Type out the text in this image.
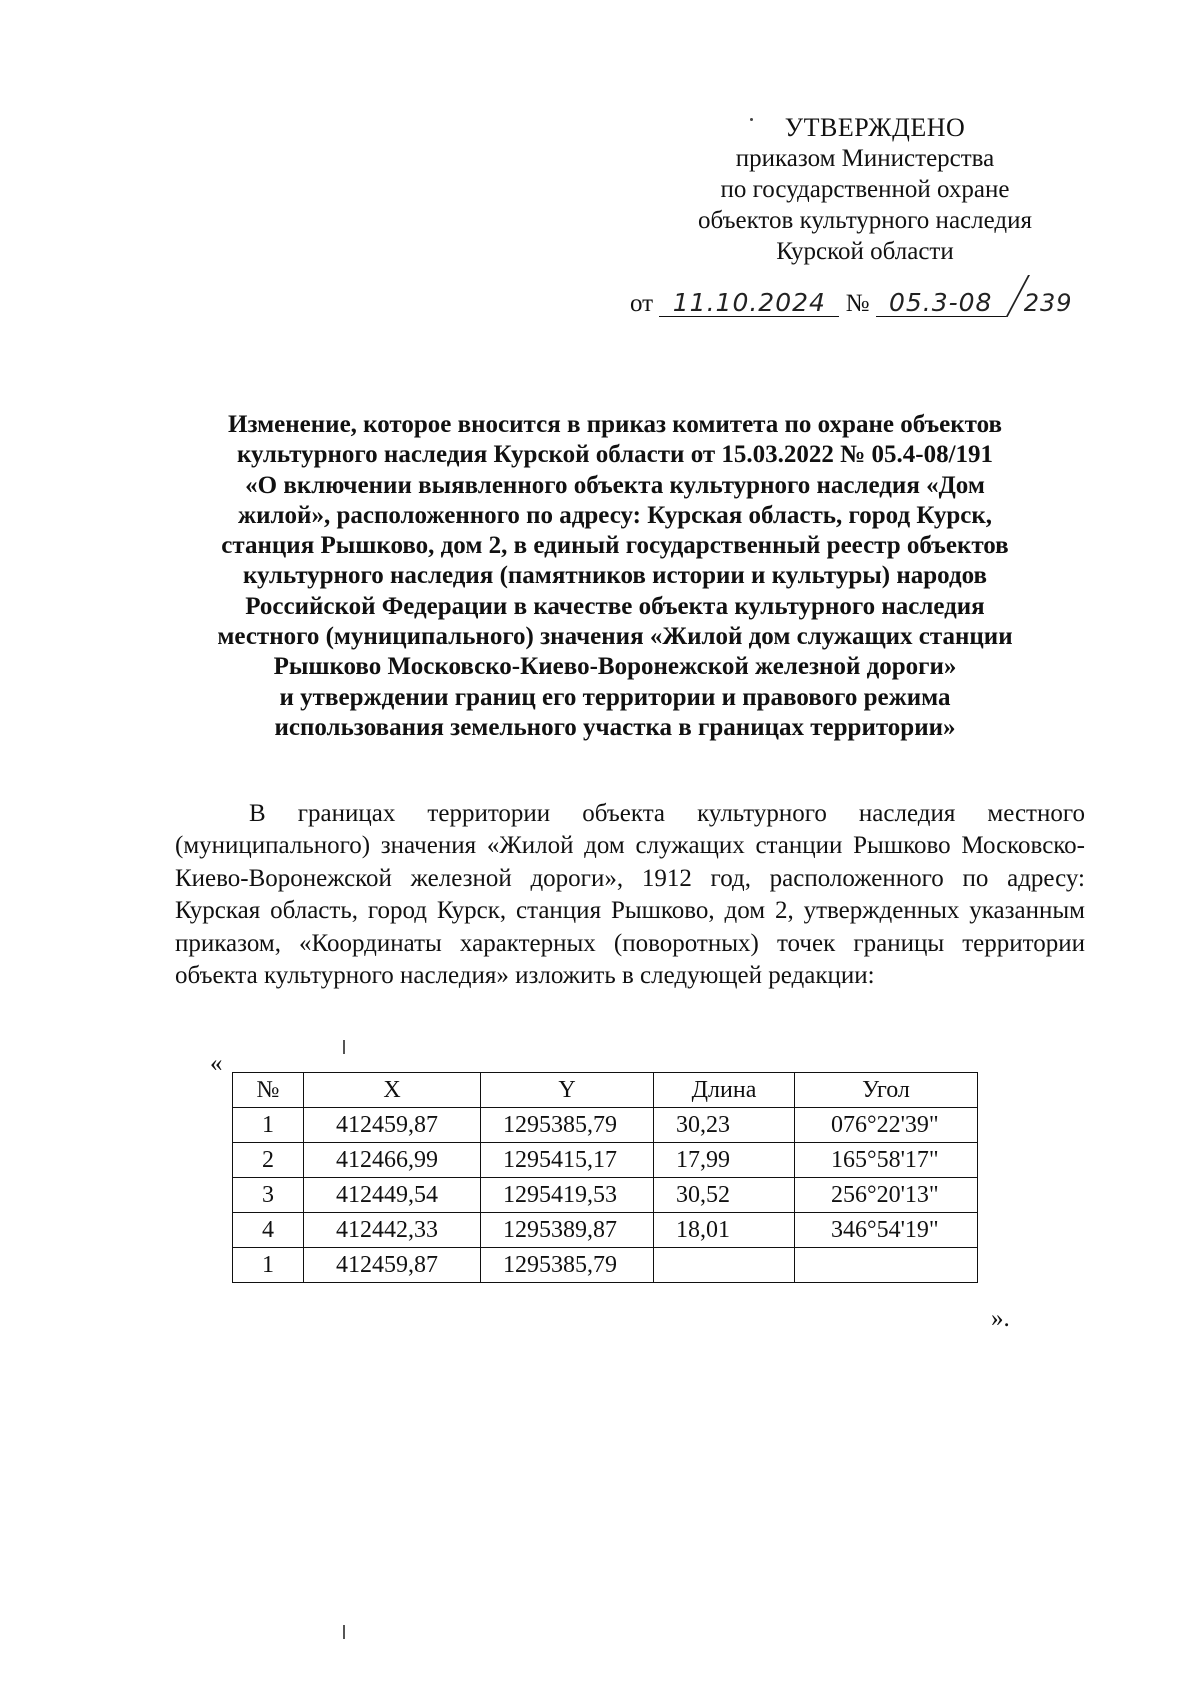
УТВЕРЖДЕНО
приказом Министерства
по государственной охране
объектов культурного наследия
Курской области
от 11.10.2024 № 05.3-08 239
Изменение, которое вносится в приказ комитета по охране объектов
культурного наследия Курской области от 15.03.2022 № 05.4-08/191
«О включении выявленного объекта культурного наследия «Дом
жилой», расположенного по адресу: Курская область, город Курск,
станция Рышково, дом 2, в единый государственный реестр объектов
культурного наследия (памятников истории и культуры) народов
Российской Федерации в качестве объекта культурного наследия
местного (муниципального) значения «Жилой дом служащих станции
Рышково Московско-Киево-Воронежской железной дороги»
и утверждении границ его территории и правового режима
использования земельного участка в границах территории»
В границах территории объекта культурного наследия местного (муниципального) значения «Жилой дом служащих станции Рышково Московско-Киево-Воронежской железной дороги», 1912 год, расположенного по адресу: Курская область, город Курск, станция Рышково, дом 2, утвержденных указанным приказом, «Координаты характерных (поворотных) точек границы территории объекта культурного наследия» изложить в следующей редакции:
«
».
№	X	Y	Длина	Угол
1	412459,87	1295385,79	30,23	076°22'39"
2	412466,99	1295415,17	17,99	165°58'17"
3	412449,54	1295419,53	30,52	256°20'13"
4	412442,33	1295389,87	18,01	346°54'19"
1	412459,87	1295385,79		
